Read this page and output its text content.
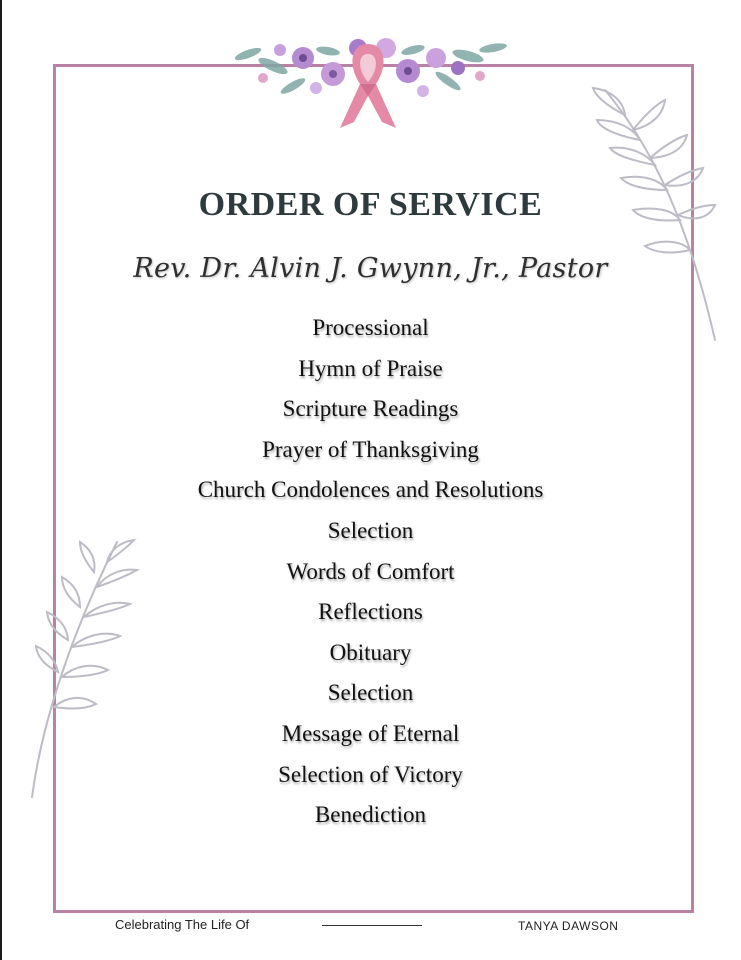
ORDER OF SERVICE
Rev. Dr. Alvin J. Gwynn, Jr., Pastor
Processional
Hymn of Praise
Scripture Readings
Prayer of Thanksgiving
Church Condolences and Resolutions
Selection
Words of Comfort
Reflections
Obituary
Selection
Message of Eternal
Selection of Victory
Benediction
Celebrating The Life Of	TANYA DAWSON
